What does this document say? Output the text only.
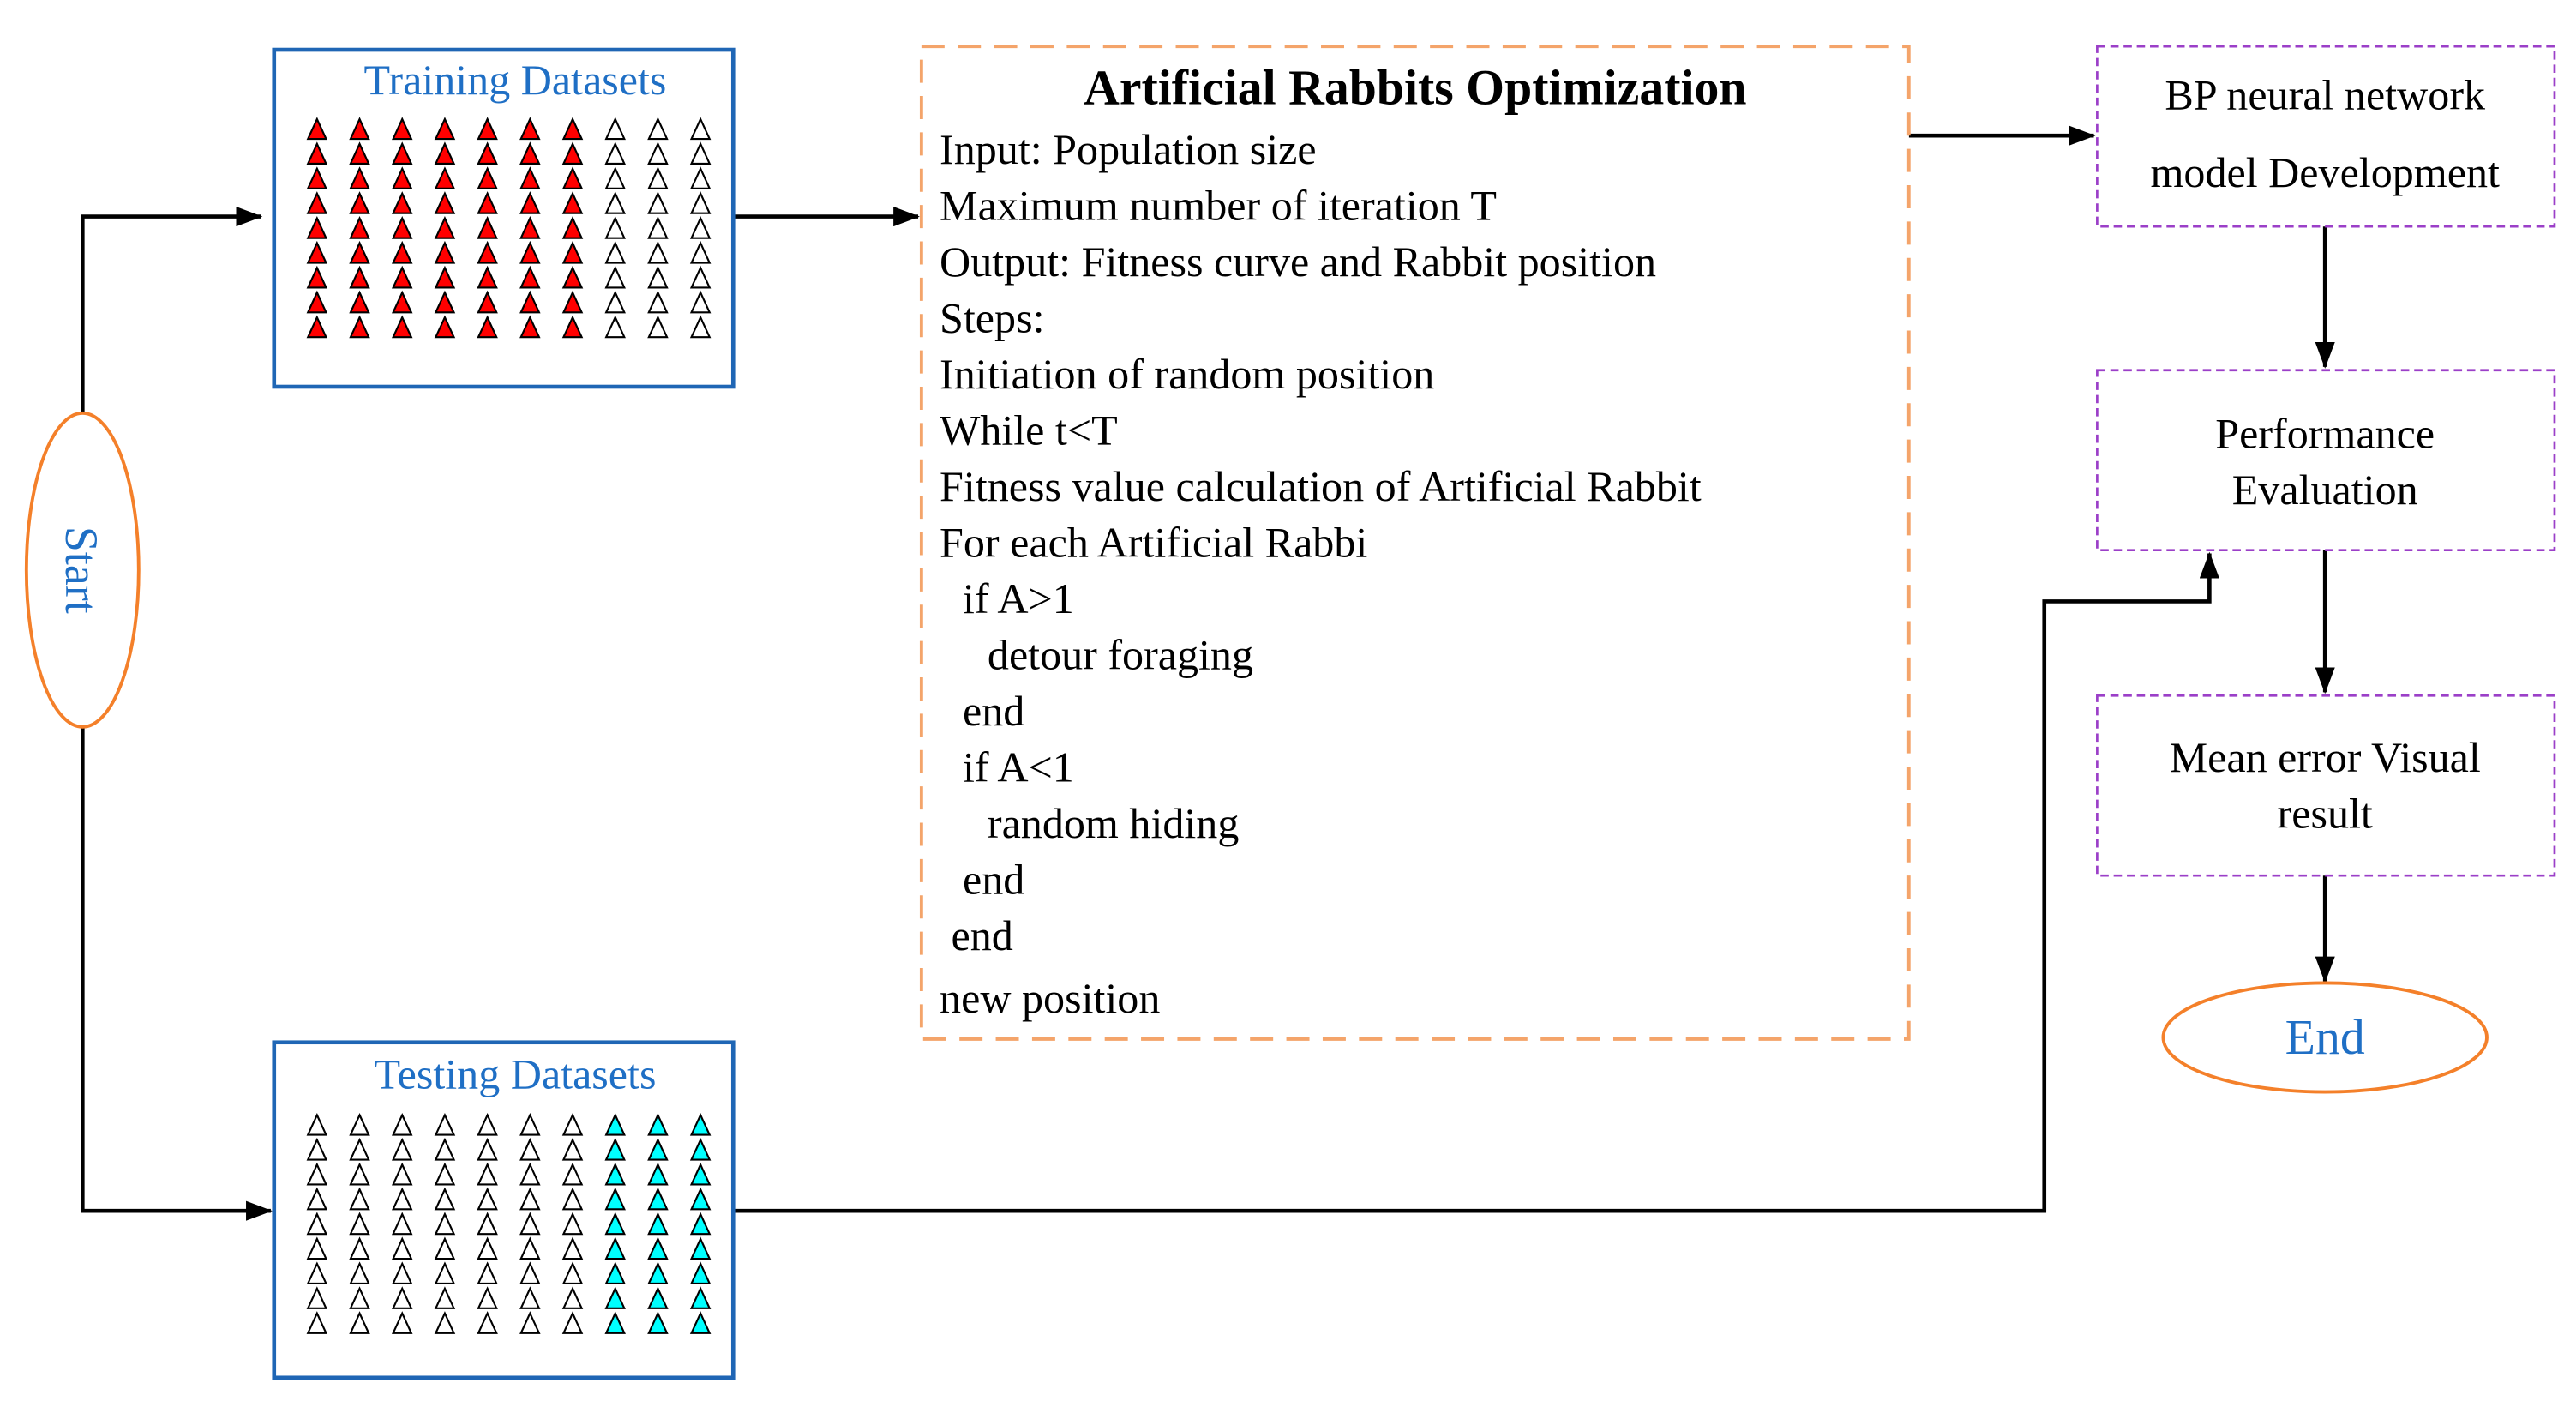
Start
Training Datasets
Testing Datasets
Artificial Rabbits Optimization
Input: Population size
Maximum number of iteration T
Output: Fitness curve and Rabbit position
Steps:
Initiation of random position
While t<T
Fitness value calculation of Artificial Rabbit
For each Artificial Rabbi
if A>1
detour foraging
end
if A<1
random hiding
end
end
new position
BP neural network
model Development
Performance
Evaluation
Mean error Visual
result
End
